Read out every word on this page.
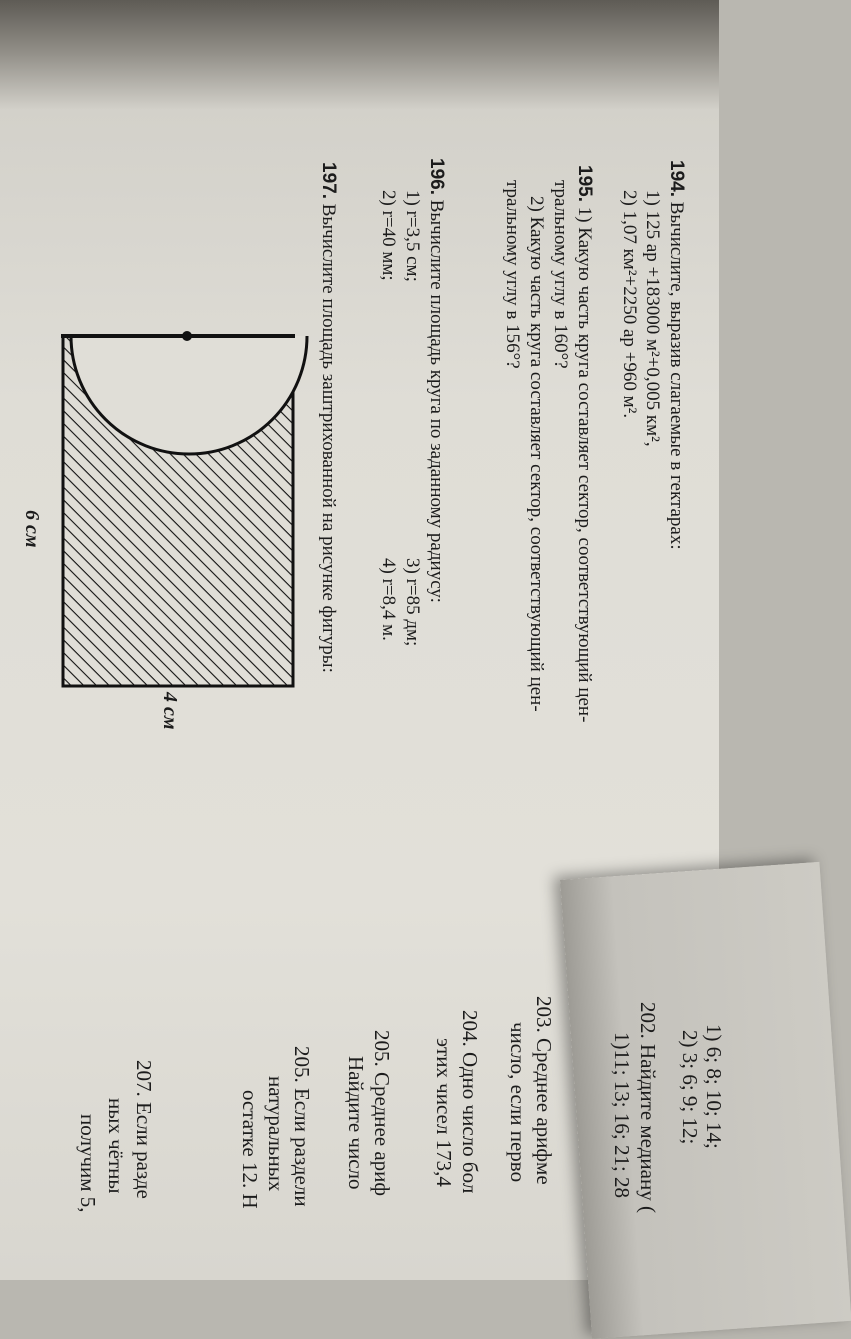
194. Вычислите, выразив слагаемые в гектарах:
1) 125 ар +183000 м²+0,005 км²,
2) 1,07 км²+2250 ар +960 м².
195. 1) Какую часть круга составляет сектор, соответствующий цен-
тральному углу в 160°?
2) Какую часть круга составляет сектор, соответствующий цен-
тральному углу в 156°?
196. Вычислите площадь круга по заданному радиусу:
1) r=3,5 см;
2) r=40 мм;
3) r=85 дм;
4) r=8,4 м.
197. Вычислите площадь заштрихованной на рисунке фигуры:
6 см
4 см
1) 6; 8; 10; 14;
2) 3; 6; 9; 12;
202. Найдите медиану (
1)11; 13; 16; 21; 28
203. Среднее арифме
число, если перво
204. Одно число бол
этих чисел 173,4
205. Среднее ариф
Найдите число
205. Если раздели
натуральных
остатке 12. Н
207. Если разде
ных чётны
получим 5,
